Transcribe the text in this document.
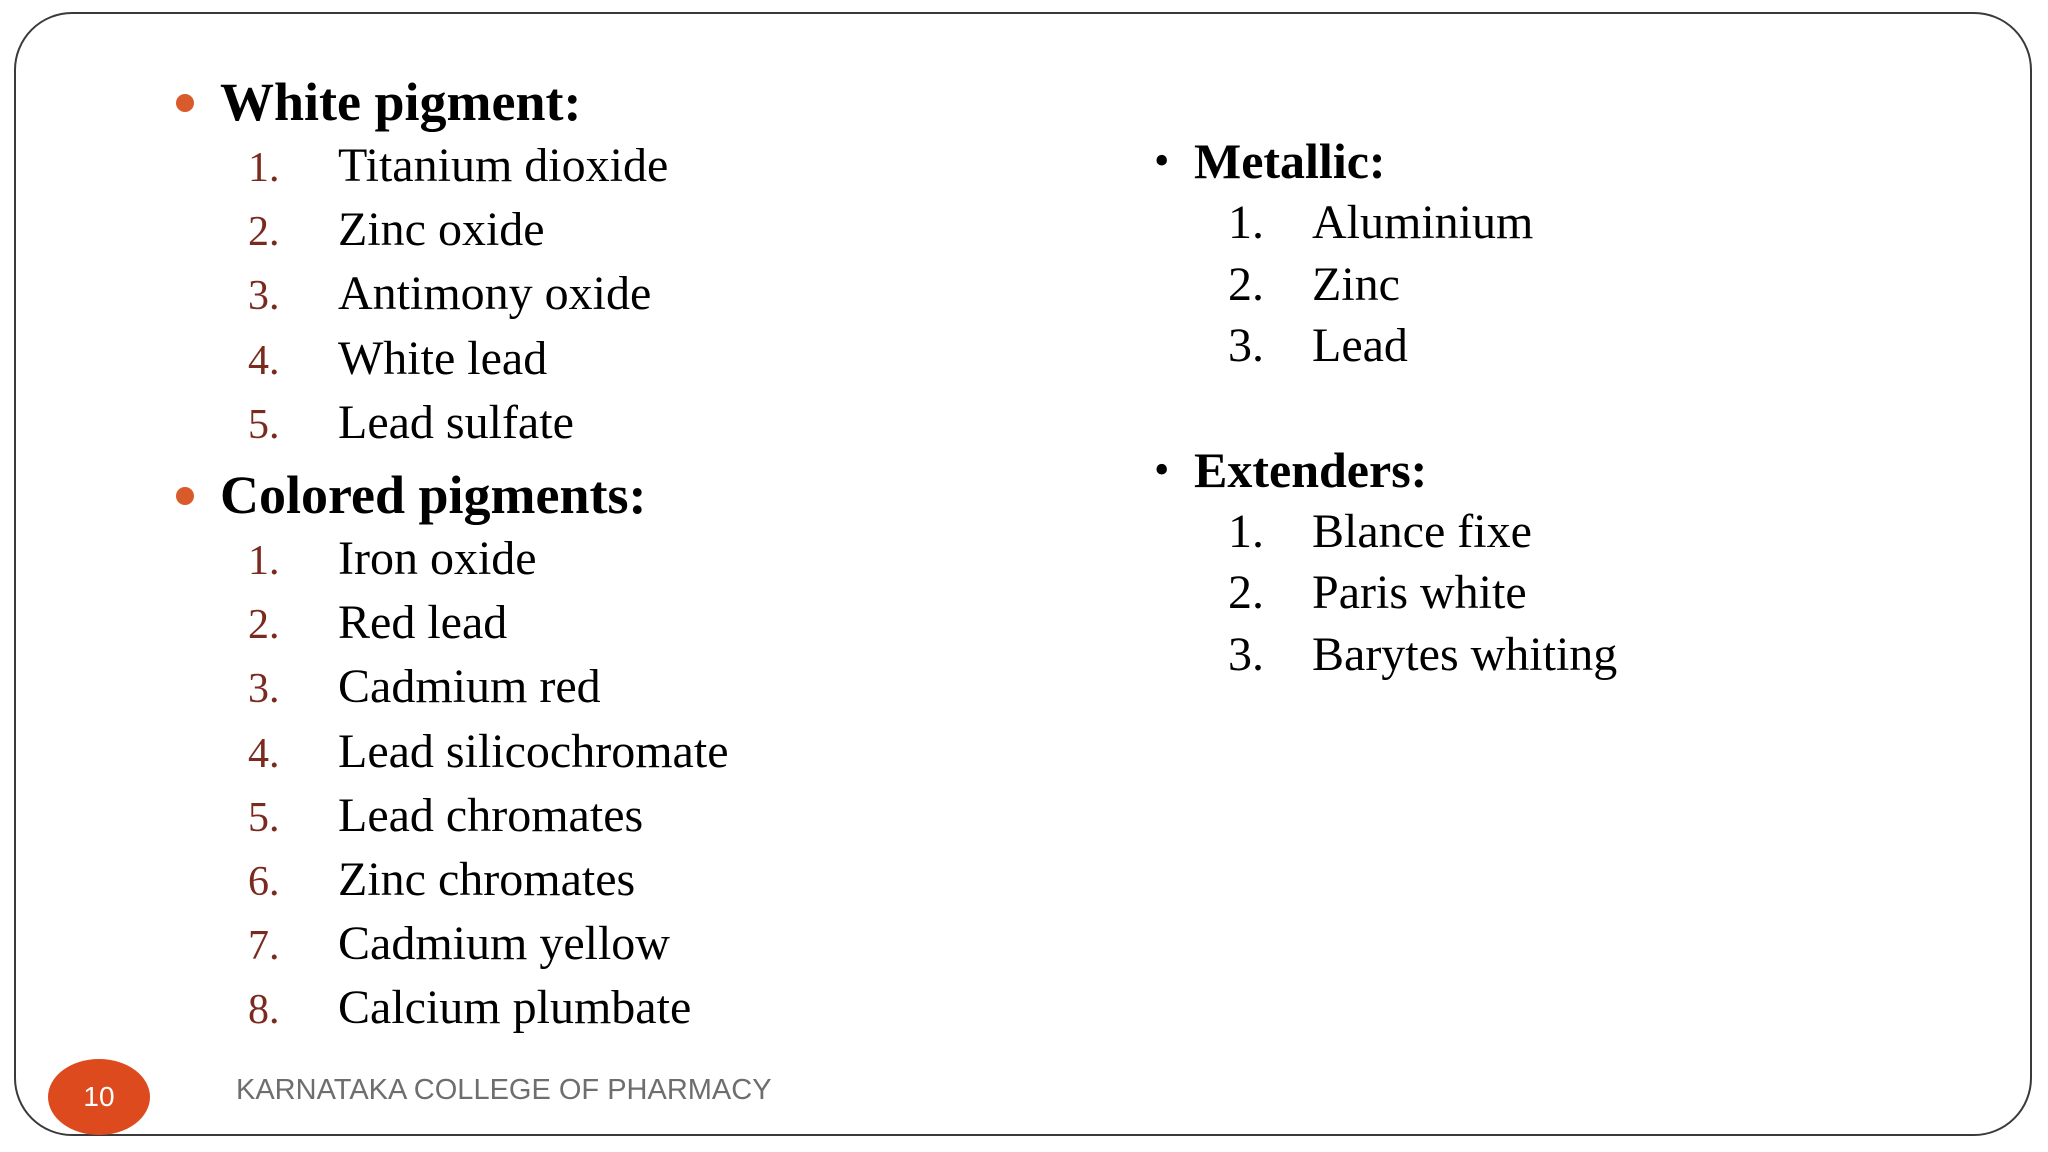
White pigment:
1.	Titanium dioxide
2.	Zinc oxide
3.	Antimony oxide
4.	White lead
5.	Lead sulfate
Colored pigments:
1.	Iron oxide
2.	Red lead
3.	Cadmium red
4.	Lead silicochromate
5.	Lead chromates
6.	Zinc chromates
7.	Cadmium yellow
8.	Calcium plumbate
• Metallic:
1. Aluminium
2. Zinc
3. Lead
• Extenders:
1. Blance fixe
2. Paris white
3. Barytes whiting
10	KARNATAKA COLLEGE OF PHARMACY
